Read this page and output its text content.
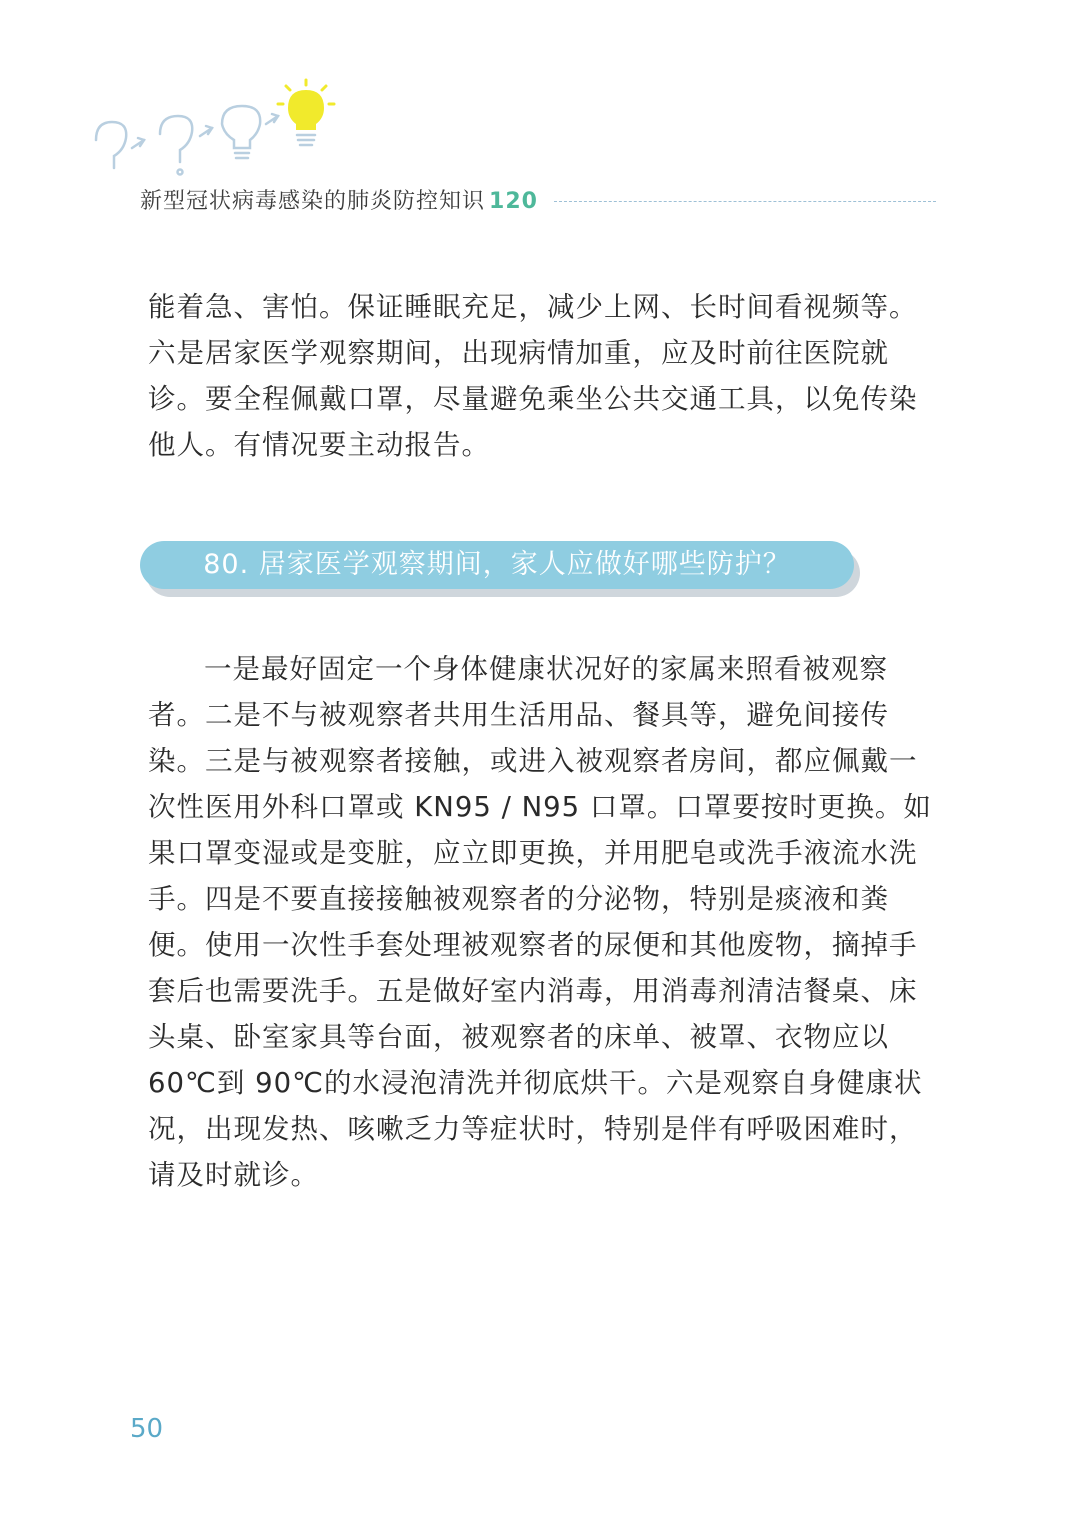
新型冠状病毒感染的肺炎防控知识 120

能着急、害怕。保证睡眠充足，减少上网、长时间看视频等。六是居家医学观察期间，出现病情加重，应及时前往医院就诊。要全程佩戴口罩，尽量避免乘坐公共交通工具，以免传染他人。有情况要主动报告。

80. 居家医学观察期间，家人应做好哪些防护？

一是最好固定一个身体健康状况好的家属来照看被观察者。二是不与被观察者共用生活用品、餐具等，避免间接传染。三是与被观察者接触，或进入被观察者房间，都应佩戴一次性医用外科口罩或 KN95 / N95 口罩。口罩要按时更换。如果口罩变湿或是变脏，应立即更换，并用肥皂或洗手液流水洗手。四是不要直接接触被观察者的分泌物，特别是痰液和粪便。使用一次性手套处理被观察者的尿便和其他废物，摘掉手套后也需要洗手。五是做好室内消毒，用消毒剂清洁餐桌、床头桌、卧室家具等台面，被观察者的床单、被罩、衣物应以 60℃到 90℃的水浸泡清洗并彻底烘干。六是观察自身健康状况，出现发热、咳嗽乏力等症状时，特别是伴有呼吸困难时，请及时就诊。

50
